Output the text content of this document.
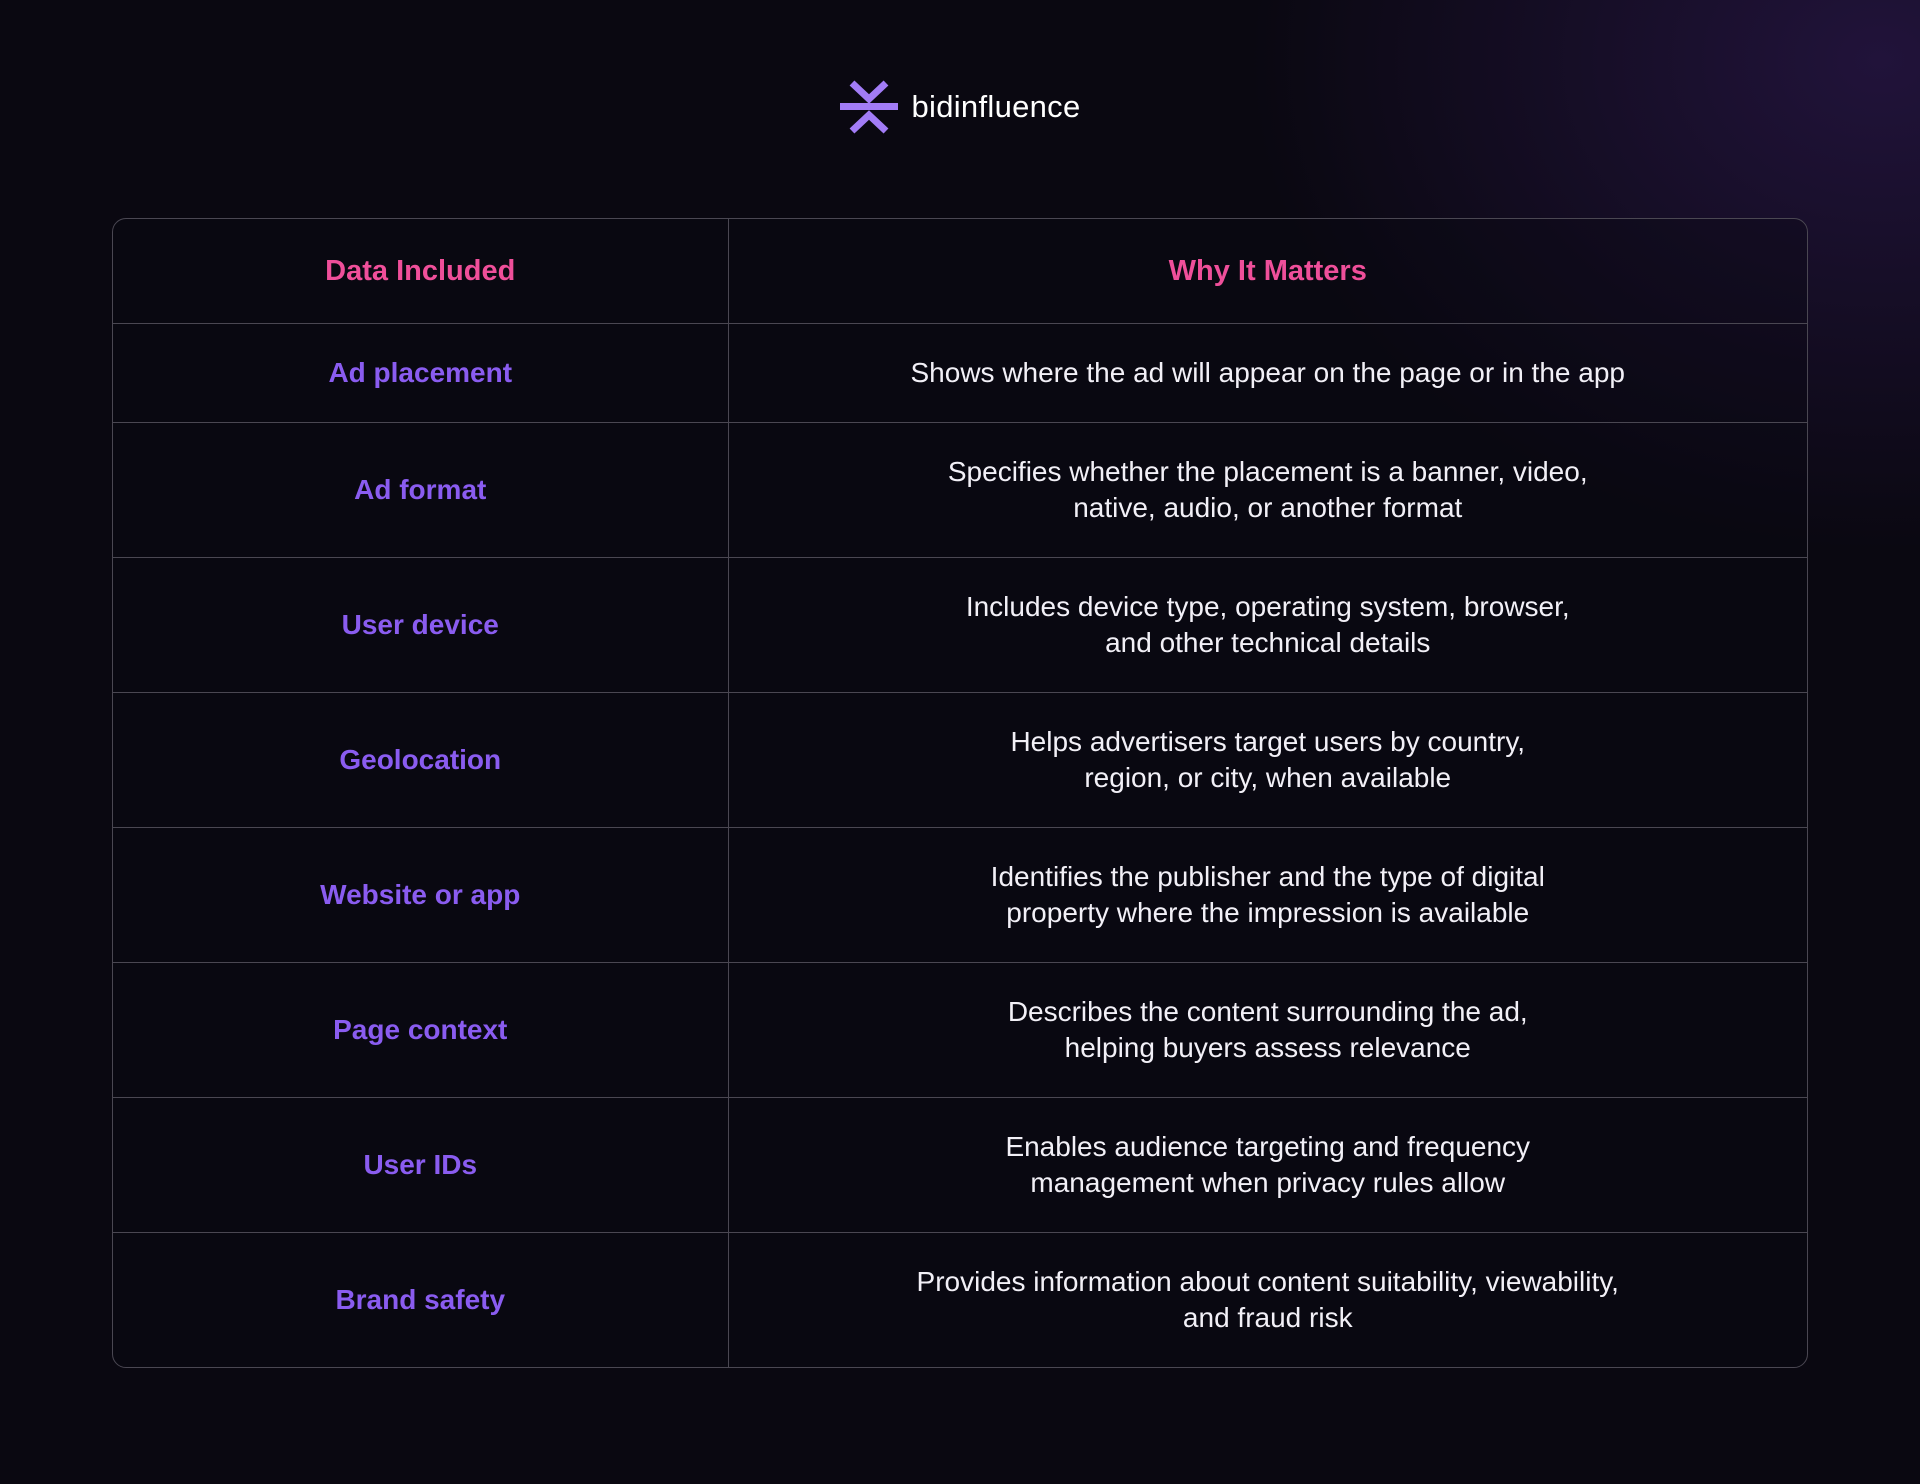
bidinfluence
Data Included	Why It Matters
Ad placement	Shows where the ad will appear on the page or in the app

Ad format	Specifies whether the placement is a banner, video,
native, audio, or another format

User device	Includes device type, operating system, browser,
and other technical details

Geolocation	Helps advertisers target users by country,
region, or city, when available

Website or app	Identifies the publisher and the type of digital
property where the impression is available

Page context	Describes the content surrounding the ad,
helping buyers assess relevance

User IDs	Enables audience targeting and frequency
management when privacy rules allow

Brand safety	Provides information about content suitability, viewability,
and fraud risk
